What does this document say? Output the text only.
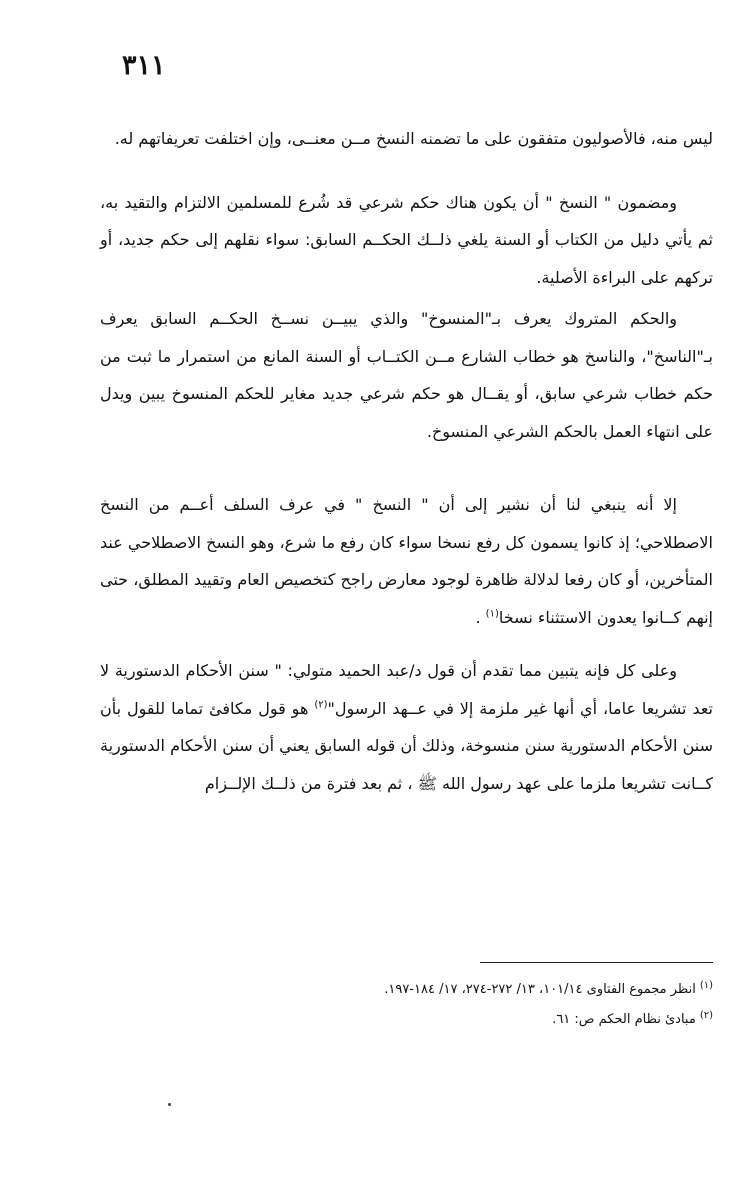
٣١١

ليس منه، فالأصوليون متفقون على ما تضمنه النسخ مــن معنــى، وإن اختلفت تعريفاتهم له.

ومضمون " النسخ " أن يكون هناك حكم شرعي قد شُرع للمسلمين الالتزام والتقيد به، ثم يأتي دليل من الكتاب أو السنة يلغي ذلــك الحكــم السابق: سواء نقلهم إلى حكم جديد، أو تركهم على البراءة الأصلية.

والحكم المتروك يعرف بـ"المنسوخ" والذي يبيــن نســخ الحكــم السابق يعرف بـ"الناسخ"، والناسخ هو خطاب الشارع مــن الكتــاب أو السنة المانع من استمرار ما ثبت من حكم خطاب شرعي سابق، أو يقــال هو حكم شرعي جديد مغاير للحكم المنسوخ يبين ويدل على انتهاء العمل بالحكم الشرعي المنسوخ.

إلا أنه ينبغي لنا أن نشير إلى أن " النسخ " في عرف السلف أعــم من النسخ الاصطلاحي؛ إذ كانوا يسمون كل رفع نسخا سواء كان رفع ما شرع، وهو النسخ الاصطلاحي عند المتأخرين، أو كان رفعا لدلالة ظاهرة لوجود معارض راجح كتخصيص العام وتقييد المطلق، حتى إنهم كــانوا يعدون الاستثناء نسخا$^{(١)}$ .

وعلى كل فإنه يتبين مما تقدم أن قول د/عبد الحميد متولي: " سنن الأحكام الدستورية لا تعد تشريعا عاما، أي أنها غير ملزمة إلا في عــهد الرسول"$^{(٢)}$ هو قول مكافئ تماما للقول بأن سنن الأحكام الدستورية سنن منسوخة، وذلك أن قوله السابق يعني أن سنن الأحكام الدستورية كــانت تشريعا ملزما على عهد رسول الله ﷺ ، ثم بعد فترة من ذلــك الإلــزام

$^{(١)}$انظر مجموع الفتاوى ١٠١/١٤، ١٣/ ٢٧٢-٢٧٤، ١٧/ ١٨٤-١٩٧.

$^{(٢)}$مبادئ نظام الحكم ص: ٦١.
